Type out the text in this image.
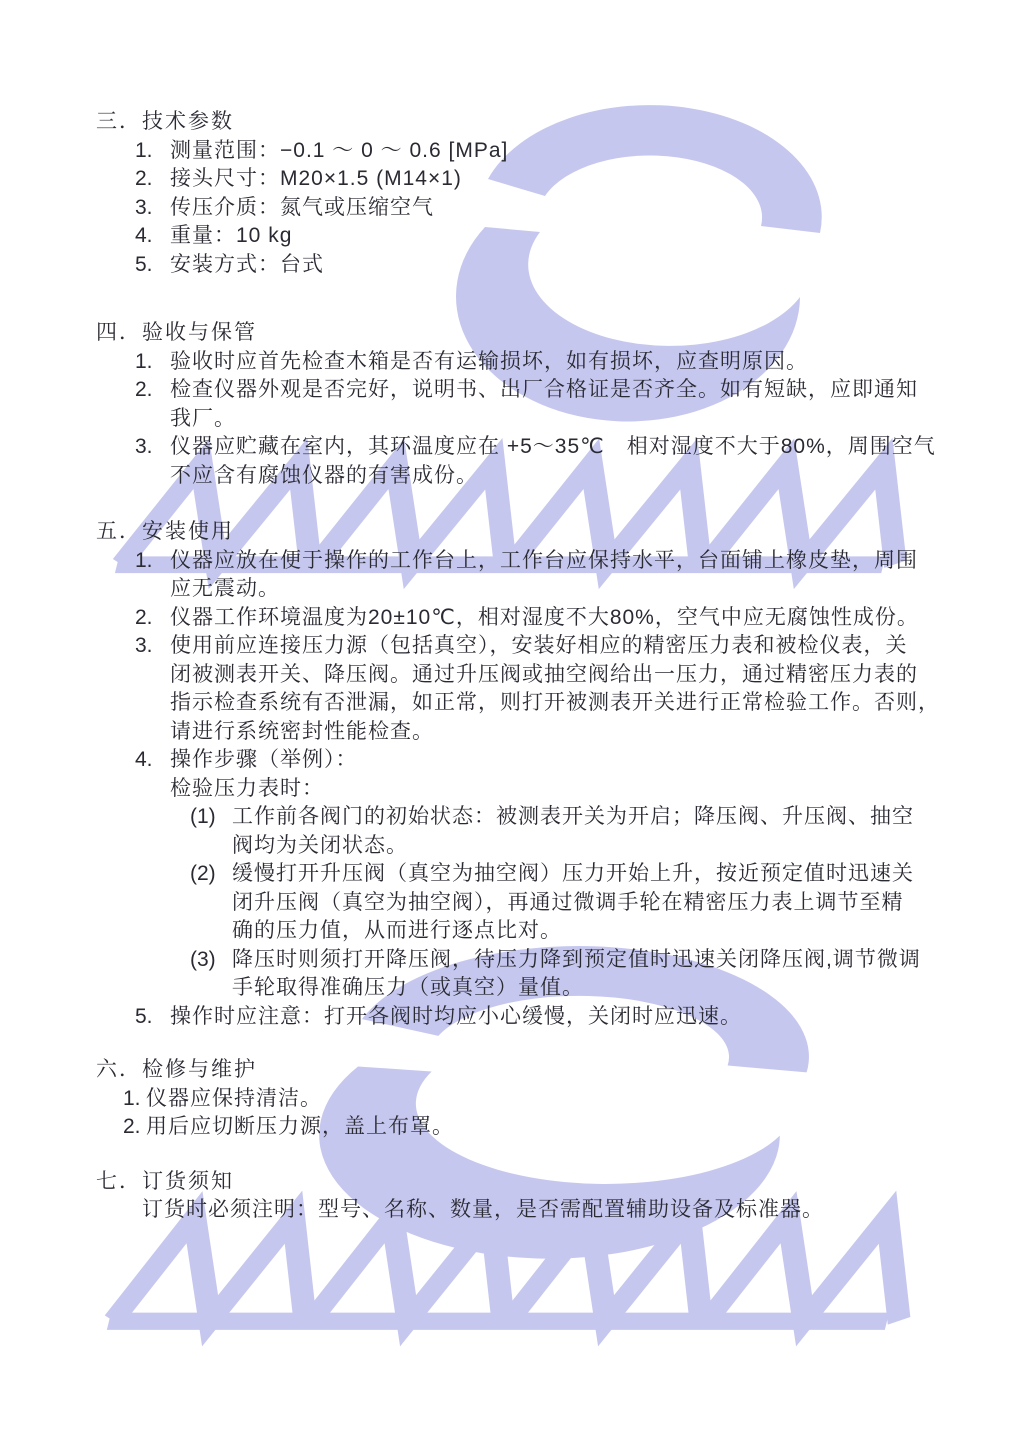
三．技术参数
1. 测量范围：−0.1 ～ 0 ～ 0.6 [MPa]
2. 接头尺寸：M20×1.5 (M14×1)
3. 传压介质：氮气或压缩空气
4. 重量：10 kg
5. 安装方式：台式
四．验收与保管
1. 验收时应首先检查木箱是否有运输损坏，如有损坏，应查明原因。
2. 检查仪器外观是否完好，说明书、出厂合格证是否齐全。如有短缺，应即通知
我厂。
3. 仪器应贮藏在室内，其环温度应在 +5～35℃　相对湿度不大于80%，周围空气
不应含有腐蚀仪器的有害成份。
五．安装使用
1. 仪器应放在便于操作的工作台上，工作台应保持水平，台面铺上橡皮垫，周围
应无震动。
2. 仪器工作环境温度为20±10℃，相对湿度不大80%，空气中应无腐蚀性成份。
3. 使用前应连接压力源（包括真空），安装好相应的精密压力表和被检仪表，关
闭被测表开关、降压阀。通过升压阀或抽空阀给出一压力，通过精密压力表的
指示检查系统有否泄漏，如正常，则打开被测表开关进行正常检验工作。否则，
请进行系统密封性能检查。
4. 操作步骤（举例）：
检验压力表时：
(1) 工作前各阀门的初始状态：被测表开关为开启；降压阀、升压阀、抽空
阀均为关闭状态。
(2) 缓慢打开升压阀（真空为抽空阀）压力开始上升，按近预定值时迅速关
闭升压阀（真空为抽空阀），再通过微调手轮在精密压力表上调节至精
确的压力值，从而进行逐点比对。
(3) 降压时则须打开降压阀，待压力降到预定值时迅速关闭降压阀,调节微调
手轮取得准确压力（或真空）量值。
5. 操作时应注意：打开各阀时均应小心缓慢，关闭时应迅速。
六．检修与维护
1. 仪器应保持清洁。
2. 用后应切断压力源，盖上布罩。
七．订货须知
订货时必须注明：型号、名称、数量，是否需配置辅助设备及标准器。
